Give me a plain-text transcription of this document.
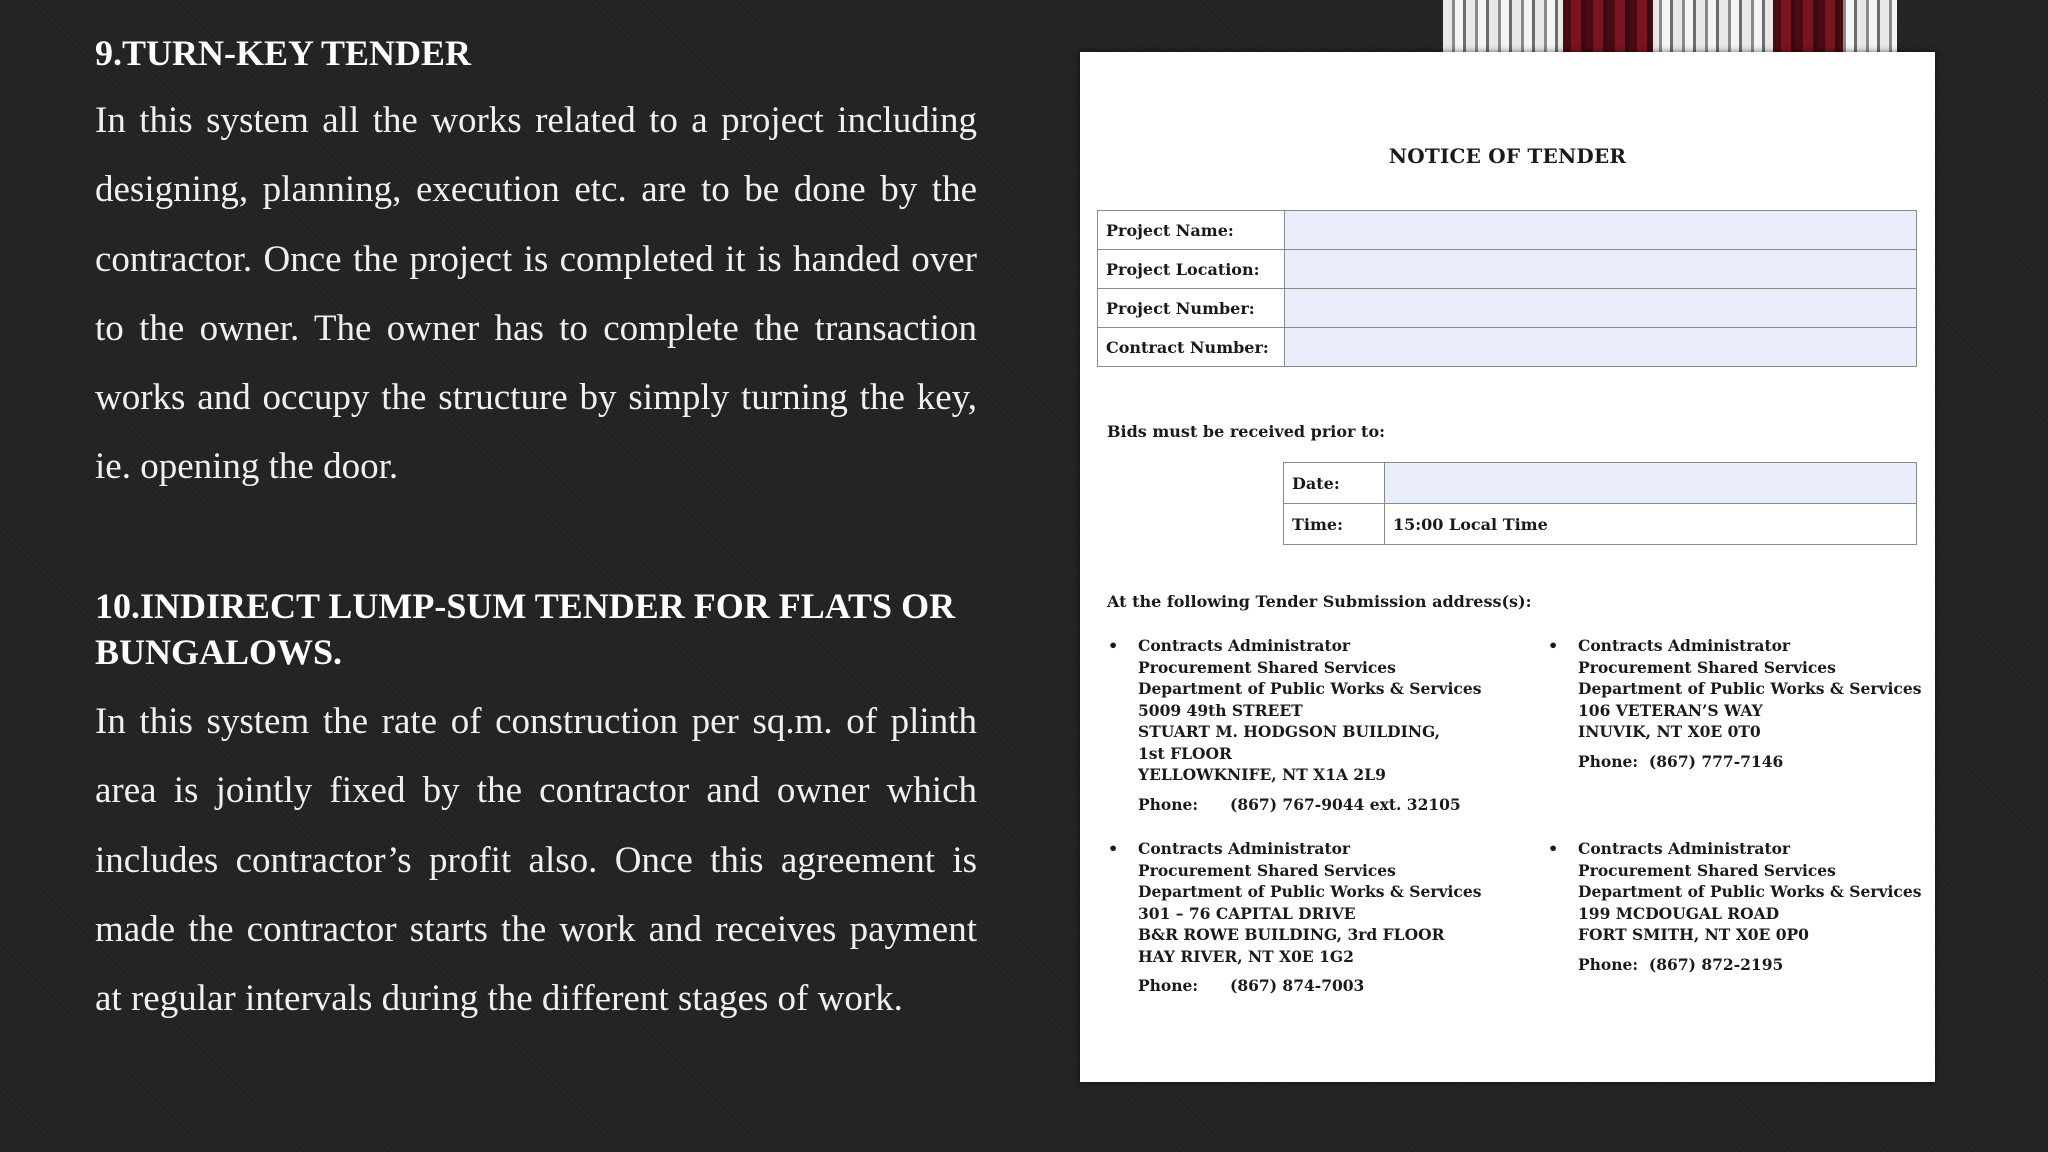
9.TURN-KEY TENDER

In this system all the works related to a project including designing, planning, execution etc. are to be done by the contractor. Once the project is completed it is handed over to the owner. The owner has to complete the transaction works and occupy the structure by simply turning the key, ie. opening the door.

10.INDIRECT LUMP-SUM TENDER FOR FLATS OR BUNGALOWS.

In this system the rate of construction per sq.m. of plinth area is jointly fixed by the contractor and owner which includes contractor’s profit also. Once this agreement is made the contractor starts the work and receives payment at regular intervals during the different stages of work.

NOTICE OF TENDER
Project Name:	
Project Location:	
Project Number:	
Contract Number:	
Bids must be received prior to:
Date:	
Time:	15:00 Local Time
At the following Tender Submission address(s):
• Contracts Administrator
Procurement Shared Services
Department of Public Works & Services
5009 49th STREET
STUART M. HODGSON BUILDING,
1st FLOOR
YELLOWKNIFE, NT X1A 2L9
Phone: (867) 767-9044 ext. 32105
• Contracts Administrator
Procurement Shared Services
Department of Public Works & Services
106 VETERAN’S WAY
INUVIK, NT X0E 0T0
Phone: (867) 777-7146
• Contracts Administrator
Procurement Shared Services
Department of Public Works & Services
301 – 76 CAPITAL DRIVE
B&R ROWE BUILDING, 3rd FLOOR
HAY RIVER, NT X0E 1G2
Phone: (867) 874-7003
• Contracts Administrator
Procurement Shared Services
Department of Public Works & Services
199 MCDOUGAL ROAD
FORT SMITH, NT X0E 0P0
Phone: (867) 872-2195
